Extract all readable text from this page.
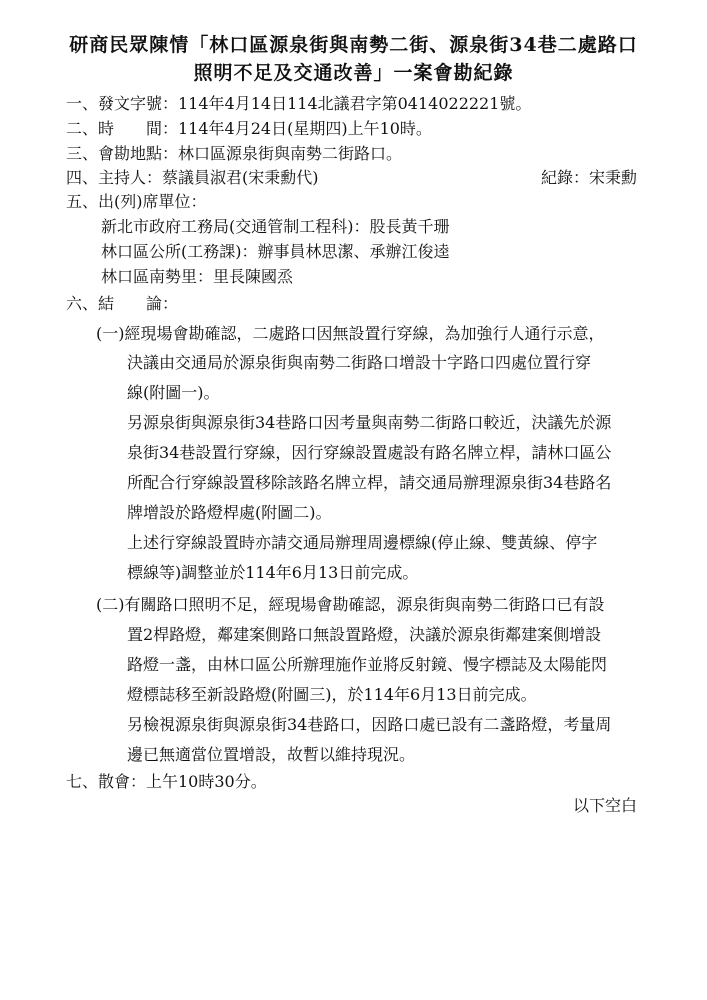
研商民眾陳情「林口區源泉街與南勢二街、源泉街34巷二處路口
照明不足及交通改善」一案會勘紀錄
一、發文字號：114年4月14日114北議君字第0414022221號。
二、時　　間：114年4月24日(星期四)上午10時。
三、會勘地點：林口區源泉街與南勢二街路口。
四、主持人：蔡議員淑君(宋秉勳代)	紀錄：宋秉勳
五、出(列)席單位：
新北市政府工務局(交通管制工程科)：股長黃千珊
林口區公所(工務課)：辦事員林思潔、承辦江俊逵
林口區南勢里：里長陳國烝
六、結　　論：
(一)經現場會勘確認，二處路口因無設置行穿線，為加強行人通行示意，
決議由交通局於源泉街與南勢二街路口增設十字路口四處位置行穿
線(附圖一)。
另源泉街與源泉街34巷路口因考量與南勢二街路口較近，決議先於源
泉街34巷設置行穿線，因行穿線設置處設有路名牌立桿，請林口區公
所配合行穿線設置移除該路名牌立桿，請交通局辦理源泉街34巷路名
牌增設於路燈桿處(附圖二)。
上述行穿線設置時亦請交通局辦理周邊標線(停止線、雙黃線、停字
標線等)調整並於114年6月13日前完成。
(二)有關路口照明不足，經現場會勘確認，源泉街與南勢二街路口已有設
置2桿路燈，鄰建案側路口無設置路燈，決議於源泉街鄰建案側增設
路燈一盞，由林口區公所辦理施作並將反射鏡、慢字標誌及太陽能閃
燈標誌移至新設路燈(附圖三)，於114年6月13日前完成。
另檢視源泉街與源泉街34巷路口，因路口處已設有二盞路燈，考量周
邊已無適當位置增設，故暫以維持現況。
七、散會：上午10時30分。
以下空白
